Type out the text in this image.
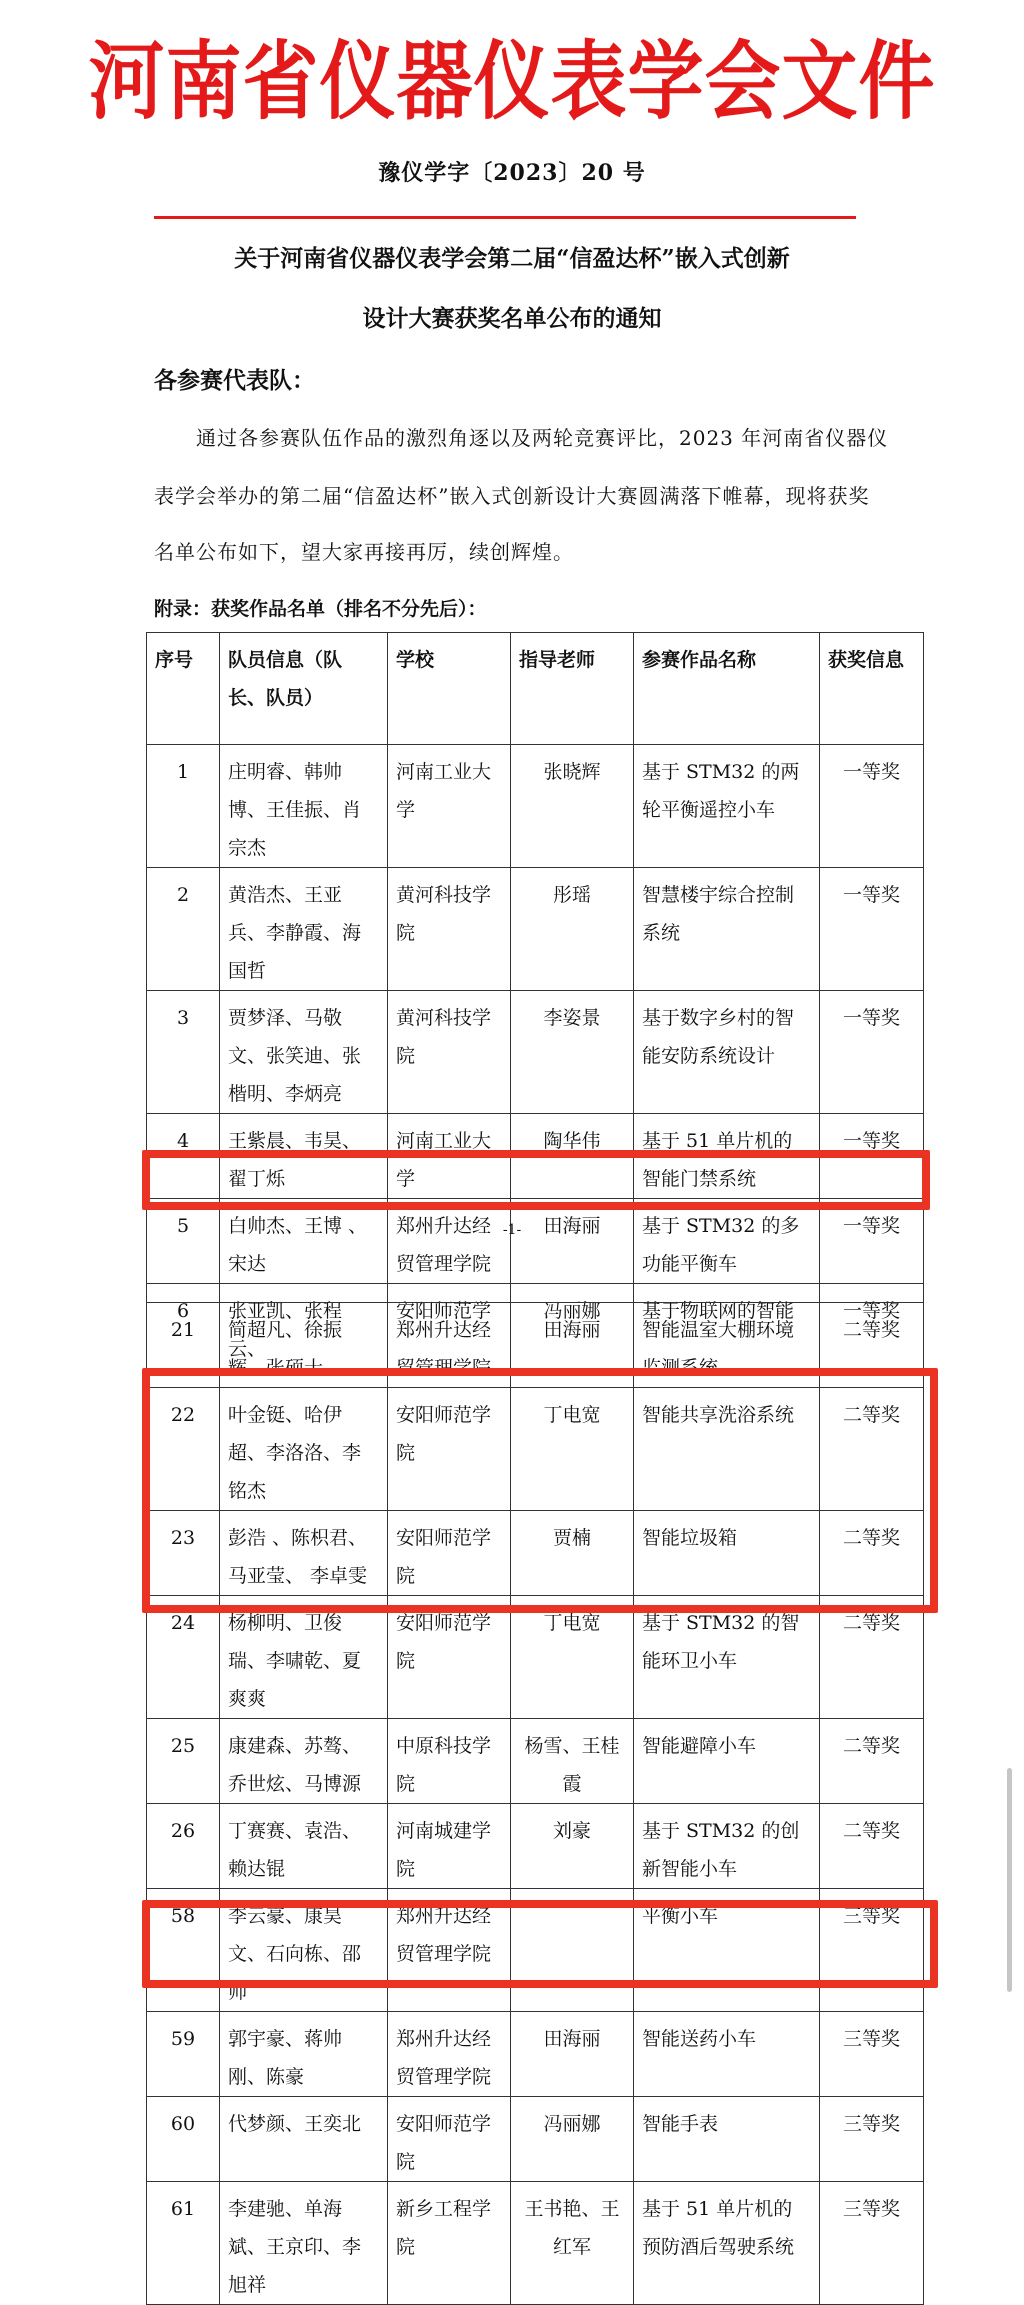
河南省仪器仪表学会文件
豫仪学字〔2023〕20 号
关于河南省仪器仪表学会第二届“信盈达杯”嵌入式创新
设计大赛获奖名单公布的通知
各参赛代表队：
通过各参赛队伍作品的激烈角逐以及两轮竞赛评比，2023 年河南省仪器仪
表学会举办的第二届“信盈达杯”嵌入式创新设计大赛圆满落下帷幕，现将获奖
名单公布如下，望大家再接再厉，续创辉煌。
附录：获奖作品名单（排名不分先后）：
序号	队员信息（队长、队员）	学校	指导老师	参赛作品名称	获奖信息
1	庄明睿、韩帅博、王佳振、肖宗杰	河南工业大学	张晓辉	基于 STM32 的两轮平衡遥控小车	一等奖
2	黄浩杰、王亚兵、李静霞、海国哲	黄河科技学院	彤瑶	智慧楼宇综合控制系统	一等奖
3	贾梦泽、马敬文、张笑迪、张楷明、李炳亮	黄河科技学院	李姿景	基于数字乡村的智能安防系统设计	一等奖
4	王紫晨、韦昊、翟丁烁	河南工业大学	陶华伟	基于 51 单片机的智能门禁系统	一等奖
5	白帅杰、王博 、宋达	郑州升达经贸管理学院	田海丽	基于 STM32 的多功能平衡车	一等奖
6	张亚凯、张程云、	安阳师范学	冯丽娜	基于物联网的智能	一等奖
-1-
21	简超凡、徐振辉、张硕士	郑州升达经贸管理学院	田海丽	智能温室大棚环境监测系统	二等奖
22	叶金铤、哈伊超、李洛洛、李铭杰	安阳师范学院	丁电宽	智能共享洗浴系统	二等奖
23	彭浩 、陈枳君、马亚莹、 李卓雯	安阳师范学院	贾楠	智能垃圾箱	二等奖
24	杨柳明、卫俊瑞、李啸乾、夏爽爽	安阳师范学院	丁电宽	基于 STM32 的智能环卫小车	二等奖
25	康建森、苏骜、乔世炫、马博源	中原科技学院	杨雪、王桂霞	智能避障小车	二等奖
26	丁赛赛、袁浩、赖达锟	河南城建学院	刘豪	基于 STM32 的创新智能小车	二等奖
58	李云豪、康昊文、石向栋、邵帅	郑州升达经贸管理学院		平衡小车	三等奖
59	郭宇豪、蒋帅刚、陈豪	郑州升达经贸管理学院	田海丽	智能送药小车	三等奖
60	代梦颜、王奕北	安阳师范学院	冯丽娜	智能手表	三等奖
61	李建驰、单海斌、王京印、李旭祥	新乡工程学院	王书艳、王红军	基于 51 单片机的预防酒后驾驶系统	三等奖
